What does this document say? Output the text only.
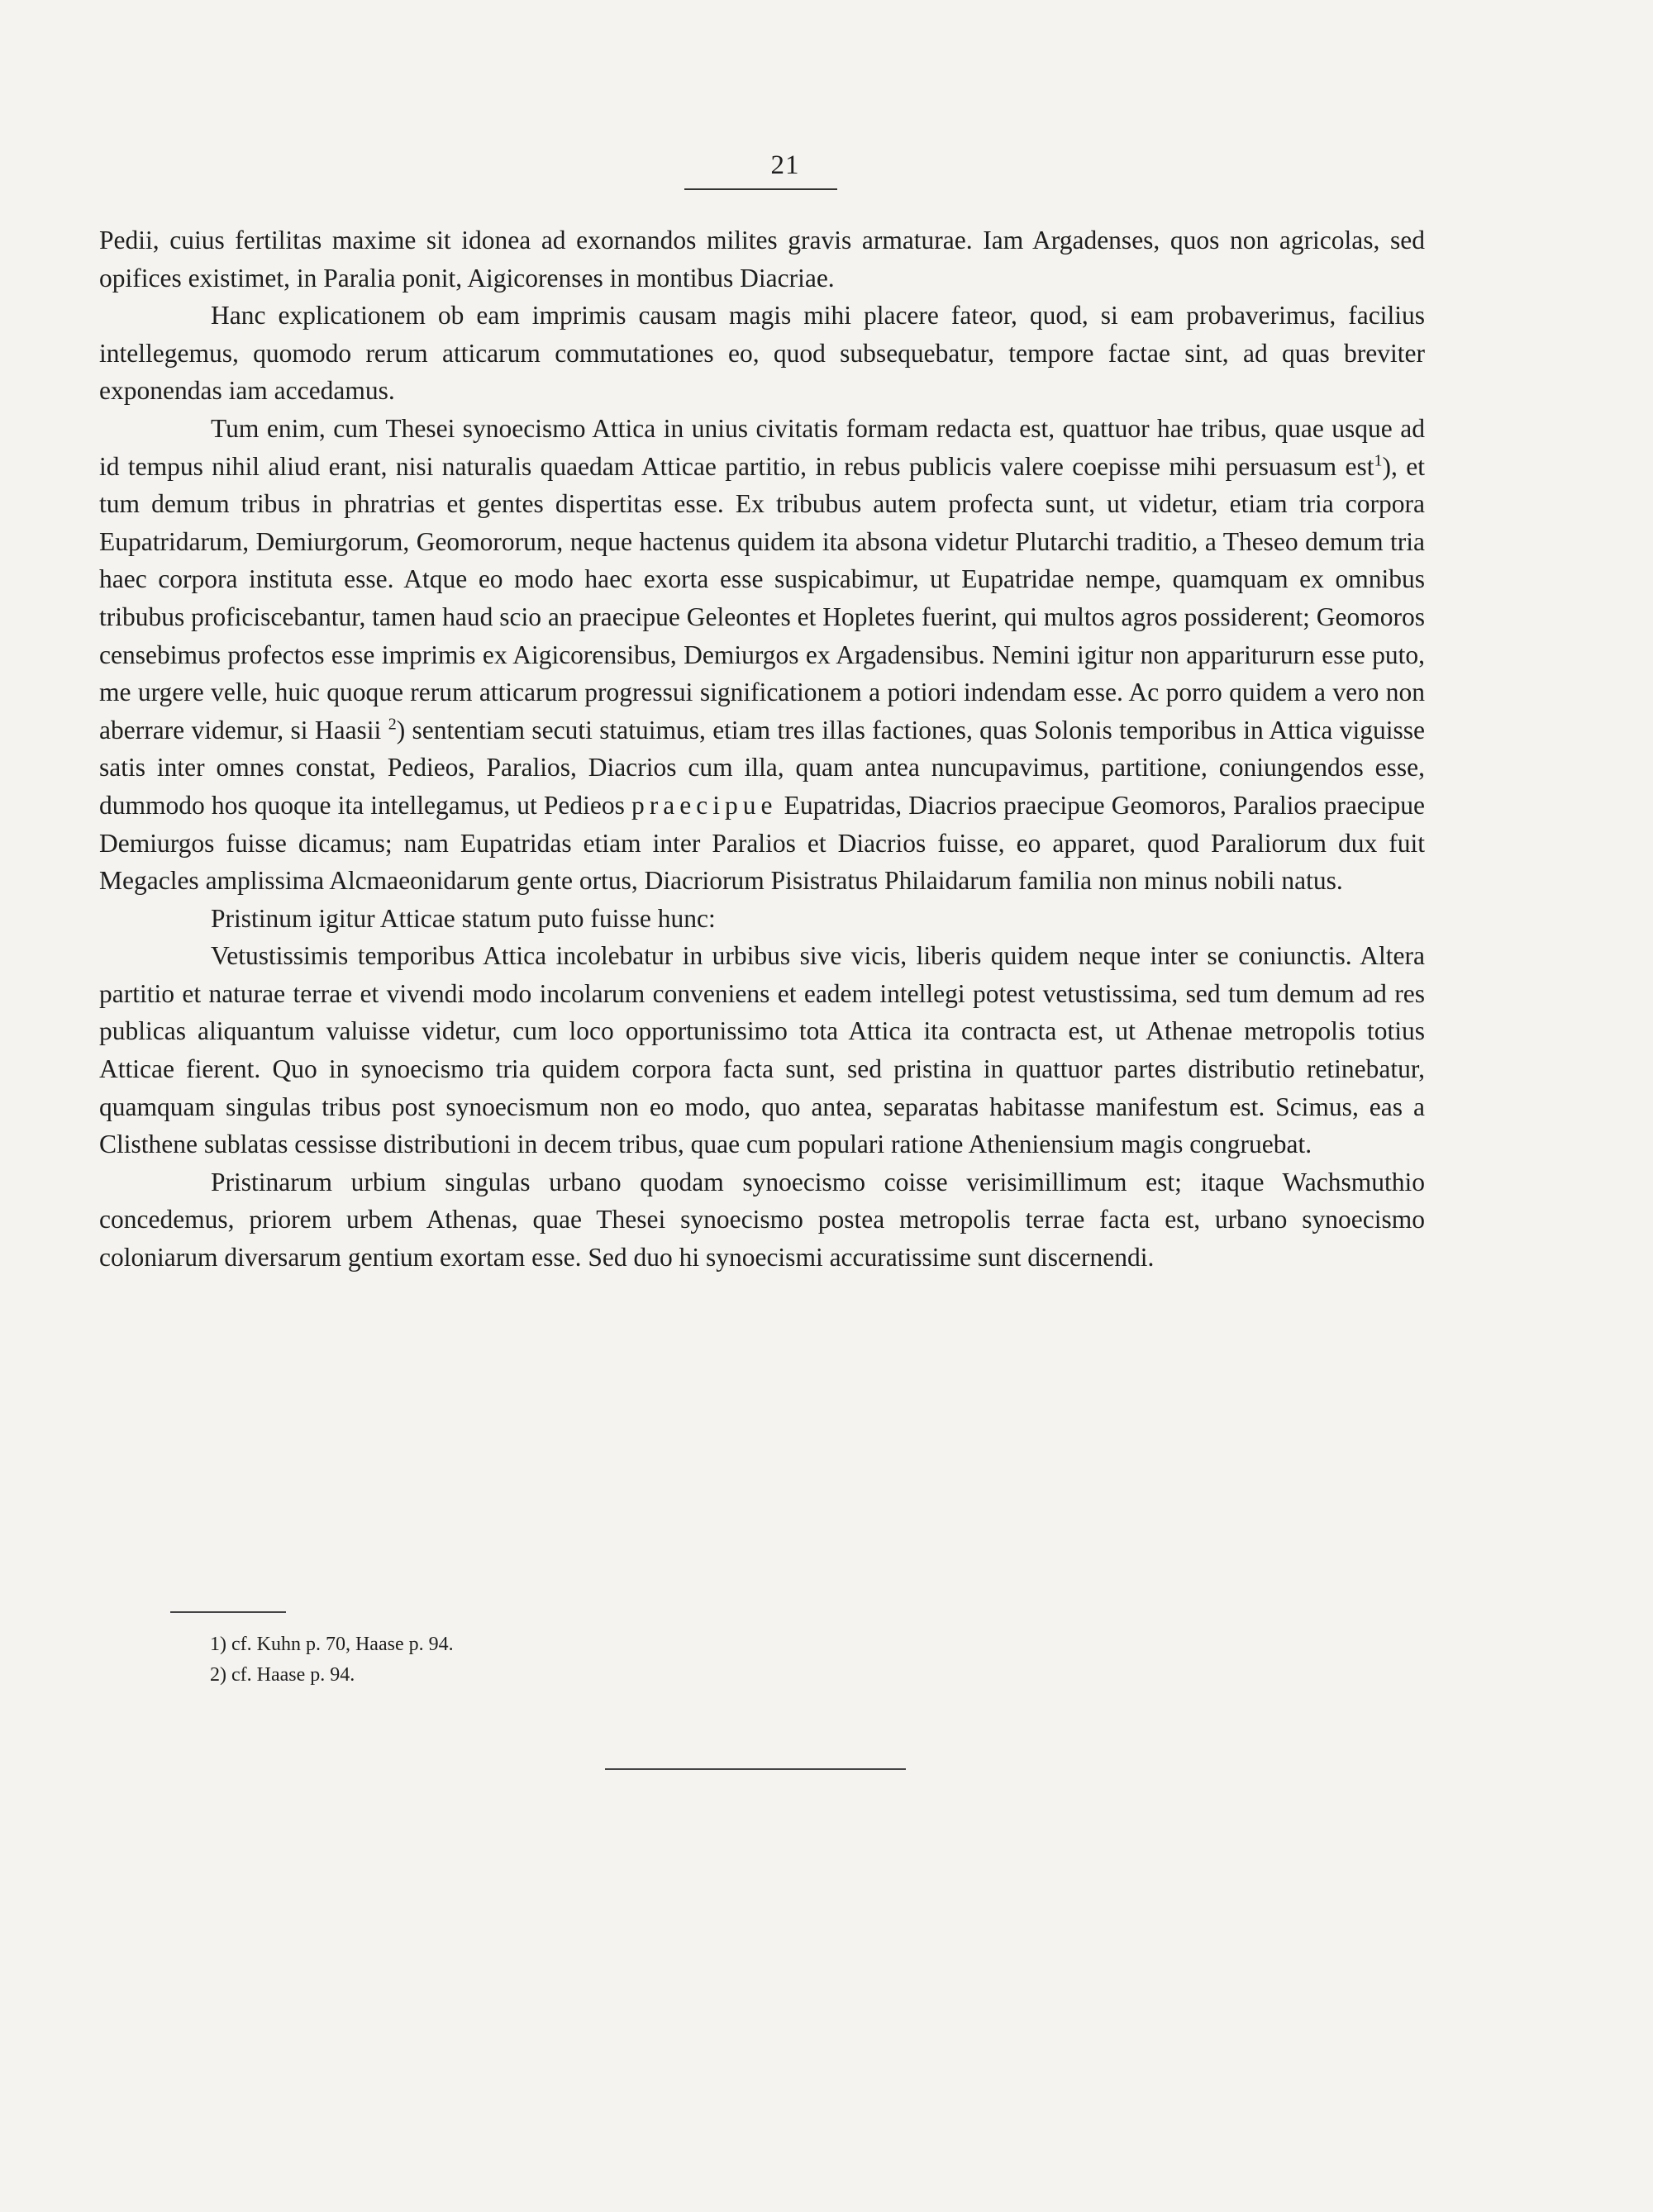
21

Pedii, cuius fertilitas maxime sit idonea ad exornandos milites gravis armaturae. Iam Argadenses, quos non agricolas, sed opifices existimet, in Paralia ponit, Aigicorenses in montibus Diacriae.

Hanc explicationem ob eam imprimis causam magis mihi placere fateor, quod, si eam probaverimus, facilius intellegemus, quomodo rerum atticarum commutationes eo, quod subsequebatur, tempore factae sint, ad quas breviter exponendas iam accedamus.

Tum enim, cum Thesei synoecismo Attica in unius civitatis formam redacta est, quattuor hae tribus, quae usque ad id tempus nihil aliud erant, nisi naturalis quaedam Atticae partitio, in rebus publicis valere coepisse mihi persuasum est$^1$), et tum demum tribus in phratrias et gentes dispertitas esse. Ex tribubus autem profecta sunt, ut videtur, etiam tria corpora Eupatridarum, Demiurgorum, Geomororum, neque hactenus quidem ita absona videtur Plutarchi traditio, a Theseo demum tria haec corpora instituta esse. Atque eo modo haec exorta esse suspicabimur, ut Eupatridae nempe, quamquam ex omnibus tribubus proficiscebantur, tamen haud scio an praecipue Geleontes et Hopletes fuerint, qui multos agros possiderent; Geomoros censebimus profectos esse imprimis ex Aigicorensibus, Demiurgos ex Argadensibus. Nemini igitur non apparitururn esse puto, me urgere velle, huic quoque rerum atticarum progressui significationem a potiori indendam esse. Ac porro quidem a vero non aberrare videmur, si Haasii $^2$) sententiam secuti statuimus, etiam tres illas factiones, quas Solonis temporibus in Attica viguisse satis inter omnes constat, Pedieos, Paralios, Diacrios cum illa, quam antea nuncupavimus, partitione, coniungendos esse, dummodo hos quoque ita intellegamus, ut Pedieos praecipue Eupatridas, Diacrios praecipue Geomoros, Paralios praecipue Demiurgos fuisse dicamus; nam Eupatridas etiam inter Paralios et Diacrios fuisse, eo apparet, quod Paraliorum dux fuit Megacles amplissima Alcmaeonidarum gente ortus, Diacriorum Pisistratus Philaidarum familia non minus nobili natus.

Pristinum igitur Atticae statum puto fuisse hunc:

Vetustissimis temporibus Attica incolebatur in urbibus sive vicis, liberis quidem neque inter se coniunctis. Altera partitio et naturae terrae et vivendi modo incolarum conveniens et eadem intellegi potest vetustissima, sed tum demum ad res publicas aliquantum valuisse videtur, cum loco opportunissimo tota Attica ita contracta est, ut Athenae metropolis totius Atticae fierent. Quo in synoecismo tria quidem corpora facta sunt, sed pristina in quattuor partes distributio retinebatur, quamquam singulas tribus post synoecismum non eo modo, quo antea, separatas habitasse manifestum est. Scimus, eas a Clisthene sublatas cessisse distributioni in decem tribus, quae cum populari ratione Atheniensium magis congruebat.

Pristinarum urbium singulas urbano quodam synoecismo coisse verisimillimum est; itaque Wachsmuthio concedemus, priorem urbem Athenas, quae Thesei synoecismo postea metropolis terrae facta est, urbano synoecismo coloniarum diversarum gentium exortam esse. Sed duo hi synoecismi accuratissime sunt discernendi.

1) cf. Kuhn p. 70, Haase p. 94.
2) cf. Haase p. 94.
